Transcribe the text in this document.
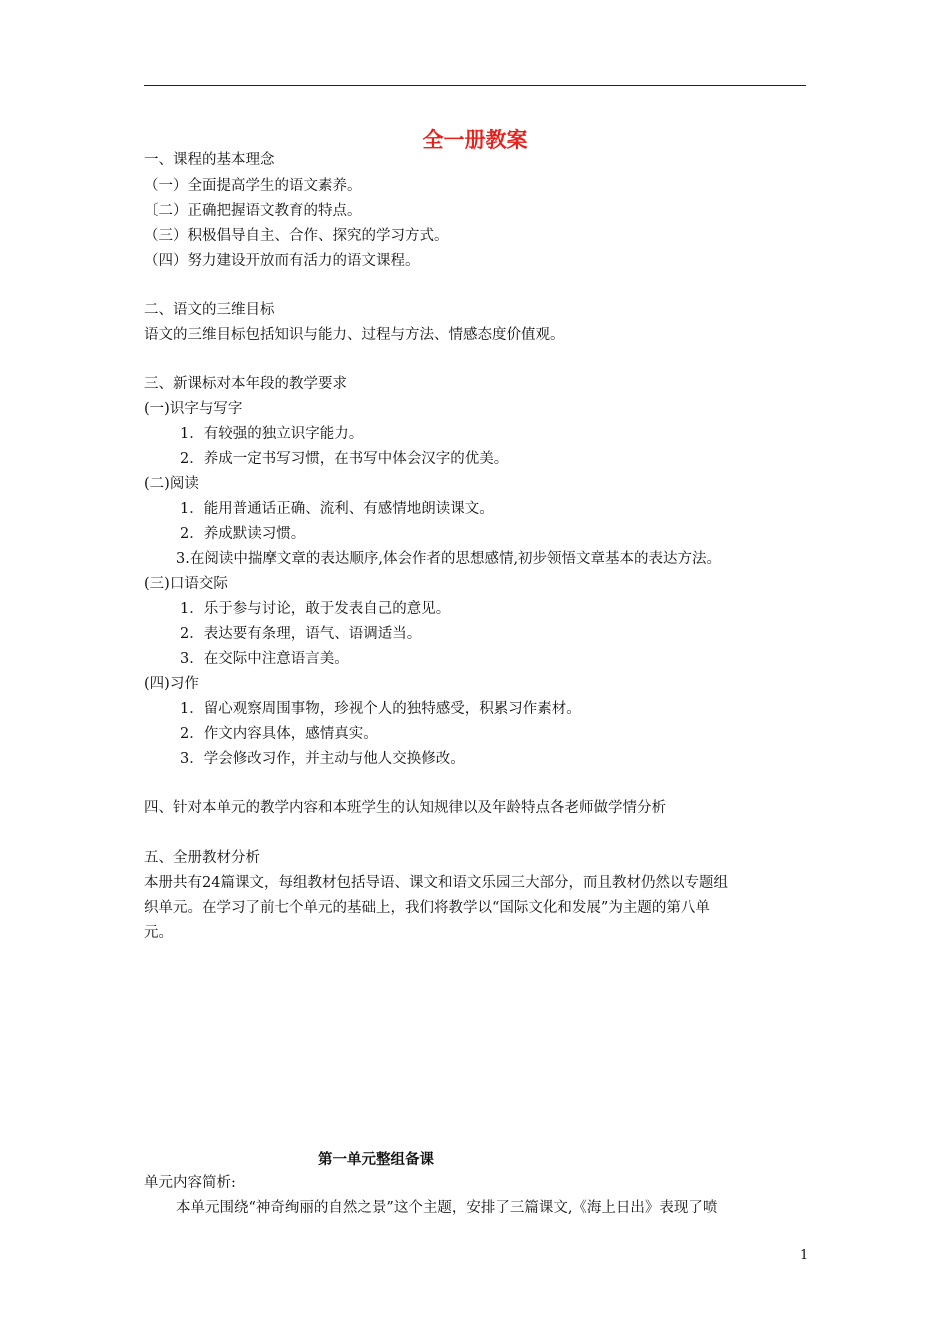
全一册教案
一、课程的基本理念
（一）全面提高学生的语文素养。
〔二）正确把握语文教育的特点。
（三）积极倡导自主、合作、探究的学习方式。
（四）努力建设开放而有活力的语文课程。
二、语文的三维目标
语文的三维目标包括知识与能力、过程与方法、情感态度价值观。
三、新课标对本年段的教学要求
(一)识字与写字
1．有较强的独立识字能力。
2．养成一定书写习惯，在书写中体会汉字的优美。
(二)阅读
1．能用普通话正确、流利、有感情地朗读课文。
2．养成默读习惯。
3.在阅读中揣摩文章的表达顺序,体会作者的思想感情,初步领悟文章基本的表达方法。
(三)口语交际
1．乐于参与讨论，敢于发表自己的意见。
2．表达要有条理，语气、语调适当。
3．在交际中注意语言美。
(四)习作
1．留心观察周围事物，珍视个人的独特感受，积累习作素材。
2．作文内容具体，感情真实。
3．学会修改习作，并主动与他人交换修改。
四、针对本单元的教学内容和本班学生的认知规律以及年龄特点各老师做学情分析
五、全册教材分析
本册共有24篇课文，每组教材包括导语、课文和语文乐园三大部分，而且教材仍然以专题组
织单元。在学习了前七个单元的基础上，我们将教学以“国际文化和发展”为主题的第八单
元。
第一单元整组备课
单元内容简析:
本单元围绕“神奇绚丽的自然之景”这个主题，安排了三篇课文,《海上日出》表现了喷
1
